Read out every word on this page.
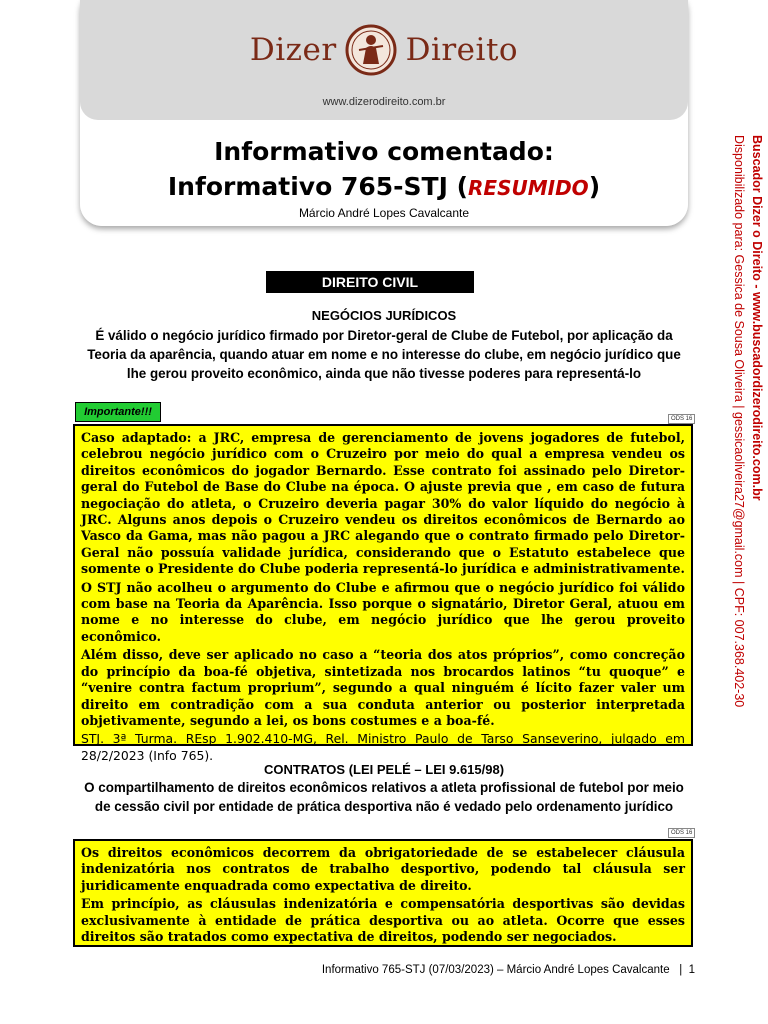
Dizer Direito
www.dizerodireito.com.br
Informativo comentado:
Informativo 765-STJ (RESUMIDO)
Márcio André Lopes Cavalcante	Buscador Dizer o Direito - www.buscadordizerodireito.com.br
Disponibilizado para: Gessica de Sousa Oliveira | gessicaoliveira27@gmail.com | CPF: 007.368.402-30
DIREITO CIVIL
NEGÓCIOS JURÍDICOS
É válido o negócio jurídico firmado por Diretor-geral de Clube de Futebol, por aplicação da Teoria da aparência, quando atuar em nome e no interesse do clube, em negócio jurídico que lhe gerou proveito econômico, ainda que não tivesse poderes para representá-lo
Importante!!!
ODS 16

Caso adaptado: a JRC, empresa de gerenciamento de jovens jogadores de futebol, celebrou negócio jurídico com o Cruzeiro por meio do qual a empresa vendeu os direitos econômicos do jogador Bernardo. Esse contrato foi assinado pelo Diretor-geral do Futebol de Base do Clube na época. O ajuste previa que , em caso de futura negociação do atleta, o Cruzeiro deveria pagar 30% do valor líquido do negócio à JRC. Alguns anos depois o Cruzeiro vendeu os direitos econômicos de Bernardo ao Vasco da Gama, mas não pagou a JRC alegando que o contrato firmado pelo Diretor-Geral não possuía validade jurídica, considerando que o Estatuto estabelece que somente o Presidente do Clube poderia representá-lo jurídica e administrativamente.

O STJ não acolheu o argumento do Clube e afirmou que o negócio jurídico foi válido com base na Teoria da Aparência. Isso porque o signatário, Diretor Geral, atuou em nome e no interesse do clube, em negócio jurídico que lhe gerou proveito econômico.

Além disso, deve ser aplicado no caso a “teoria dos atos próprios”, como concreção do princípio da boa-fé objetiva, sintetizada nos brocardos latinos “tu quoque” e “venire contra factum proprium”, segundo a qual ninguém é lícito fazer valer um direito em contradição com a sua conduta anterior ou posterior interpretada objetivamente, segundo a lei, os bons costumes e a boa-fé.

STJ. 3ª Turma. REsp 1.902.410-MG, Rel. Ministro Paulo de Tarso Sanseverino, julgado em 28/2/2023 (Info 765).

CONTRATOS (LEI PELÉ – LEI 9.615/98)
O compartilhamento de direitos econômicos relativos a atleta profissional de futebol por meio de cessão civil por entidade de prática desportiva não é vedado pelo ordenamento jurídico
ODS 16

Os direitos econômicos decorrem da obrigatoriedade de se estabelecer cláusula indenizatória nos contratos de trabalho desportivo, podendo tal cláusula ser juridicamente enquadrada como expectativa de direito.

Em princípio, as cláusulas indenizatória e compensatória desportivas são devidas exclusivamente à entidade de prática desportiva ou ao atleta. Ocorre que esses direitos são tratados como expectativa de direitos, podendo ser negociados.

Informativo 765-STJ (07/03/2023) – Márcio André Lopes Cavalcante | 1
